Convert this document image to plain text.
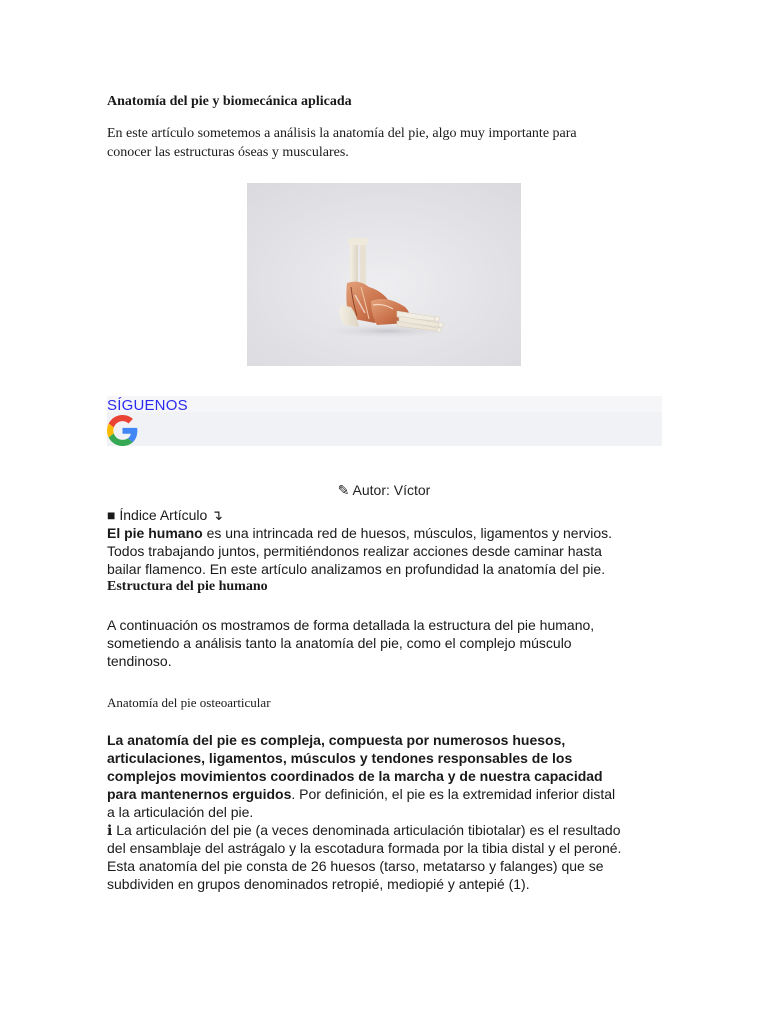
Anatomía del pie y biomecánica aplicada
En este artículo sometemos a análisis la anatomía del pie, algo muy importante para
conocer las estructuras óseas y musculares.
SÍGUENOS
✎ Autor: Víctor
■ Índice Artículo ↴
El pie humano es una intrincada red de huesos, músculos, ligamentos y nervios.
Todos trabajando juntos, permitiéndonos realizar acciones desde caminar hasta
bailar flamenco. En este artículo analizamos en profundidad la anatomía del pie.
Estructura del pie humano
A continuación os mostramos de forma detallada la estructura del pie humano,
sometiendo a análisis tanto la anatomía del pie, como el complejo músculo
tendinoso.
Anatomía del pie osteoarticular
La anatomía del pie es compleja, compuesta por numerosos huesos,
articulaciones, ligamentos, músculos y tendones responsables de los
complejos movimientos coordinados de la marcha y de nuestra capacidad
para mantenernos erguidos. Por definición, el pie es la extremidad inferior distal
a la articulación del pie.
ℹ La articulación del pie (a veces denominada articulación tibiotalar) es el resultado
del ensamblaje del astrágalo y la escotadura formada por la tibia distal y el peroné.
Esta anatomía del pie consta de 26 huesos (tarso, metatarso y falanges) que se
subdividen en grupos denominados retropié, mediopié y antepié (1).
